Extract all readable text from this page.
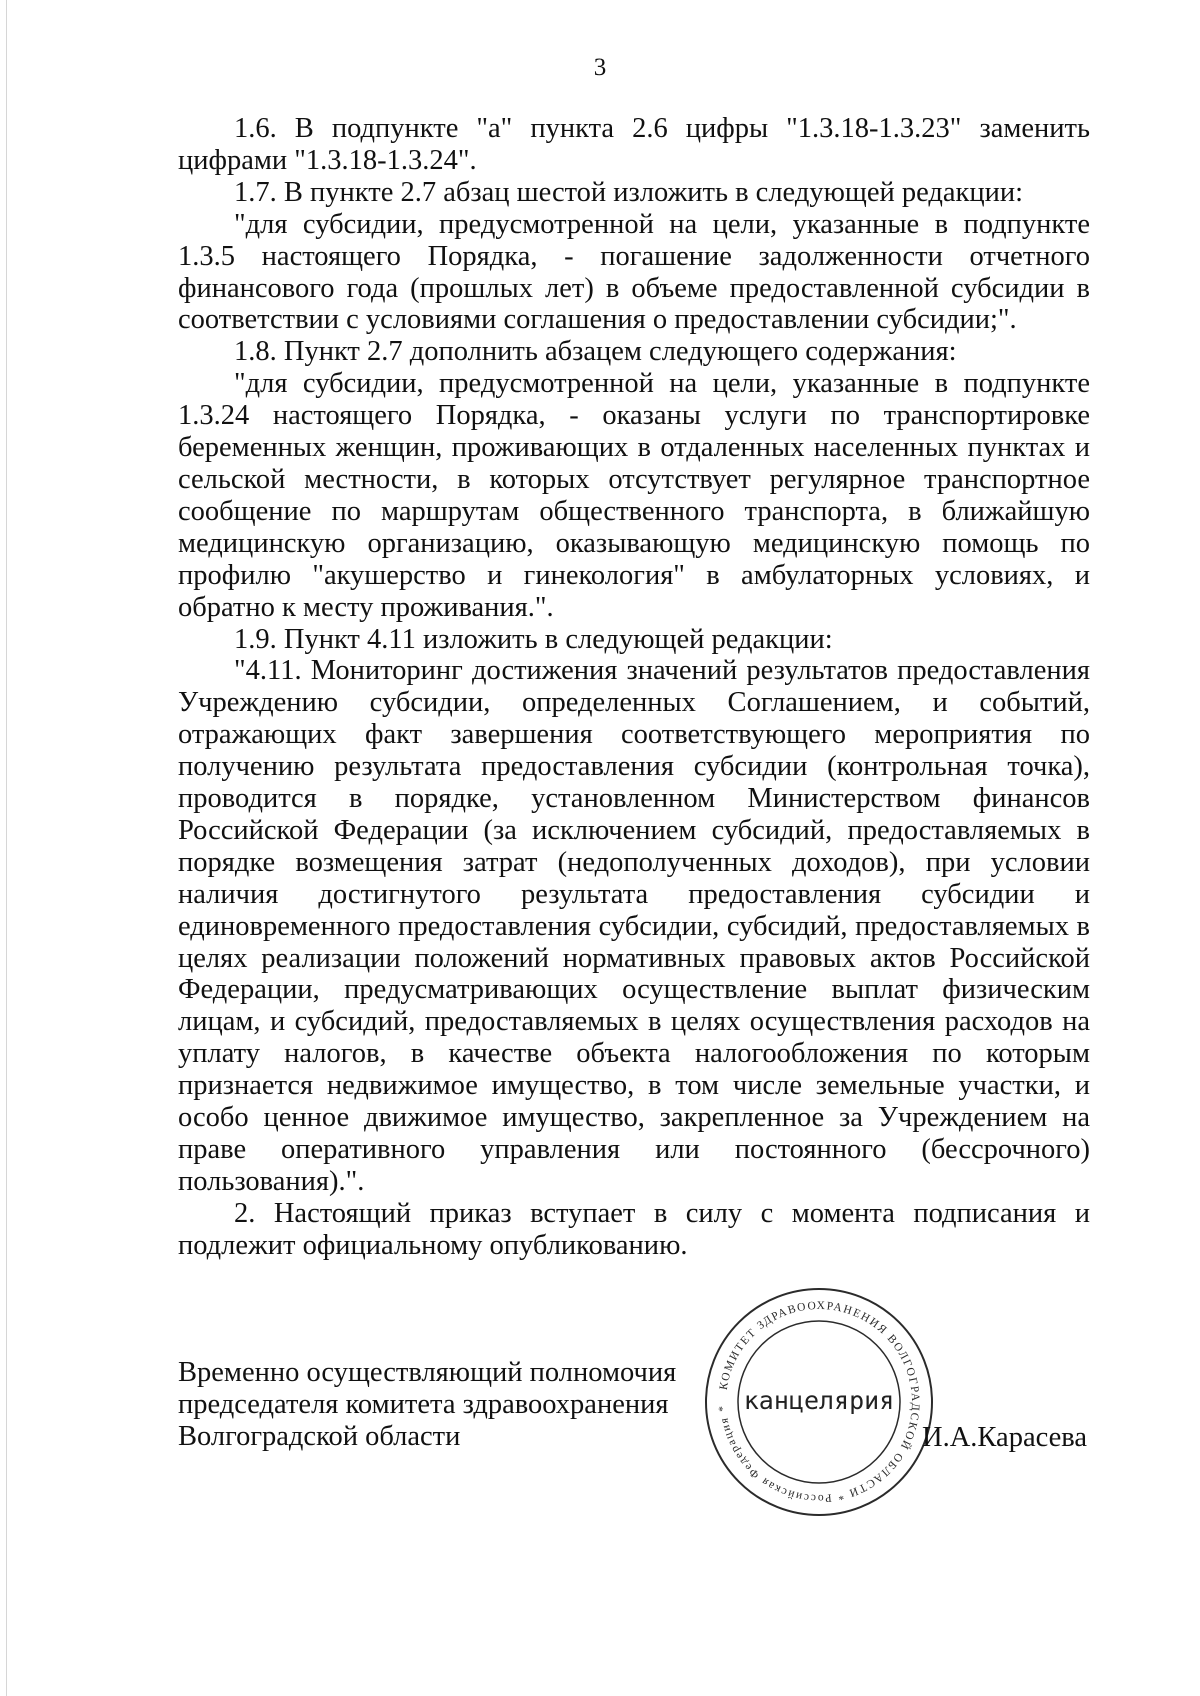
3

1.6. В подпункте "а" пункта 2.6 цифры "1.3.18-1.3.23" заменить цифрами "1.3.18-1.3.24".

1.7. В пункте 2.7 абзац шестой изложить в следующей редакции:

"для субсидии, предусмотренной на цели, указанные в подпункте 1.3.5 настоящего Порядка, - погашение задолженности отчетного финансового года (прошлых лет) в объеме предоставленной субсидии в соответствии с условиями соглашения о предоставлении субсидии;".

1.8. Пункт 2.7 дополнить абзацем следующего содержания:

"для субсидии, предусмотренной на цели, указанные в подпункте 1.3.24 настоящего Порядка, - оказаны услуги по транспортировке беременных женщин, проживающих в отдаленных населенных пунктах и сельской местности, в которых отсутствует регулярное транспортное сообщение по маршрутам общественного транспорта, в ближайшую медицинскую организацию, оказывающую медицинскую помощь по профилю "акушерство и гинекология" в амбулаторных условиях, и обратно к месту проживания.".

1.9. Пункт 4.11 изложить в следующей редакции:

"4.11. Мониторинг достижения значений результатов предоставления Учреждению субсидии, определенных Соглашением, и событий, отражающих факт завершения соответствующего мероприятия по получению результата предоставления субсидии (контрольная точка), проводится в порядке, установленном Министерством финансов Российской Федерации (за исключением субсидий, предоставляемых в порядке возмещения затрат (недополученных доходов), при условии наличия достигнутого результата предоставления субсидии и единовременного предоставления субсидии, субсидий, предоставляемых в целях реализации положений нормативных правовых актов Российской Федерации, предусматривающих осуществление выплат физическим лицам, и субсидий, предоставляемых в целях осуществления расходов на уплату налогов, в качестве объекта налогообложения по которым признается недвижимое имущество, в том числе земельные участки, и особо ценное движимое имущество, закрепленное за Учреждением на праве оперативного управления или постоянного (бессрочного) пользования).".

2. Настоящий приказ вступает в силу с момента подписания и подлежит официальному опубликованию.

Временно осуществляющий полномочия
председателя комитета здравоохранения
Волгоградской области
КОМИТЕТ ЗДРАВООХРАНЕНИЯ ВОЛГОГРАДСКОЙ ОБЛАСТИ * Российская Федерация * канцелярия
И.А.Карасева
